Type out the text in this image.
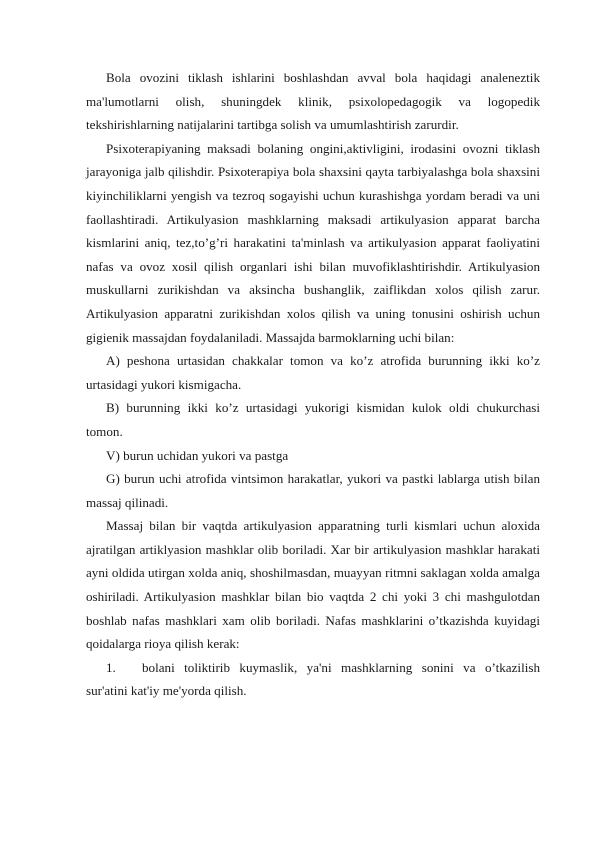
Bola ovozini tiklash ishlarini boshlashdan avval bola haqidagi analeneztik ma'lumotlarni olish, shuningdek klinik, psixolopedagogik va logopedik tekshirishlarning natijalarini tartibga solish va umumlashtirish zarurdir.

Psixoterapiyaning maksadi bolaning ongini,aktivligini, irodasini ovozni tiklash jarayoniga jalb qilishdir. Psixoterapiya bola shaxsini qayta tarbiyalashga bola shaxsini kiyinchiliklarni yengish va tezroq sogayishi uchun kurashishga yordam beradi va uni faollashtiradi. Artikulyasion mashklarning maksadi artikulyasion apparat barcha kismlarini aniq, tez,to’g’ri harakatini ta'minlash va artikulyasion apparat faoliyatini nafas va ovoz xosil qilish organlari ishi bilan muvofiklashtirishdir. Artikulyasion muskullarni zurikishdan va aksincha bushanglik, zaiflikdan xolos qilish zarur. Artikulyasion apparatni zurikishdan xolos qilish va uning tonusini oshirish uchun gigienik massajdan foydalaniladi. Massajda barmoklarning uchi bilan:

A) peshona urtasidan chakkalar tomon va ko’z atrofida burunning ikki ko’z urtasidagi yukori kismigacha.

B) burunning ikki ko’z urtasidagi yukorigi kismidan kulok oldi chukurchasi tomon.

V) burun uchidan yukori va pastga

G) burun uchi atrofida vintsimon harakatlar, yukori va pastki lablarga utish bilan massaj qilinadi.

Massaj bilan bir vaqtda artikulyasion apparatning turli kismlari uchun aloxida ajratilgan artiklyasion mashklar olib boriladi. Xar bir artikulyasion mashklar harakati ayni oldida utirgan xolda aniq, shoshilmasdan, muayyan ritmni saklagan xolda amalga oshiriladi. Artikulyasion mashklar bilan bio vaqtda 2 chi yoki 3 chi mashgulotdan boshlab nafas mashklari xam olib boriladi. Nafas mashklarini o’tkazishda kuyidagi qoidalarga rioya qilish kerak:

1. bolani toliktirib kuymaslik, ya'ni mashklarning sonini va o’tkazilish sur'atini kat'iy me'yorda qilish.
